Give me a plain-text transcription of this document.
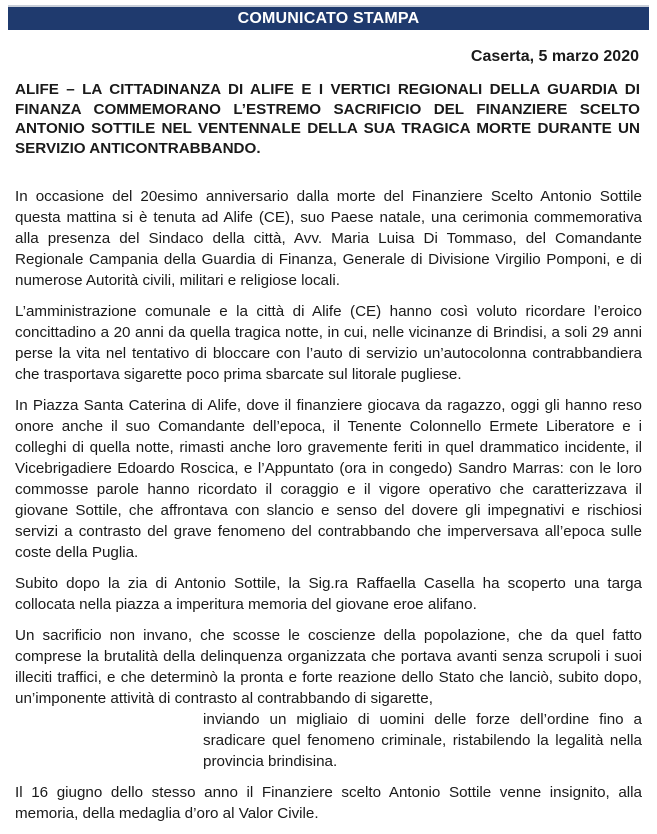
COMUNICATO STAMPA
Caserta, 5 marzo 2020

ALIFE – LA CITTADINANZA DI ALIFE E I VERTICI REGIONALI DELLA GUARDIA DI FINANZA COMMEMORANO L’ESTREMO SACRIFICIO DEL FINANZIERE SCELTO ANTONIO SOTTILE NEL VENTENNALE DELLA SUA TRAGICA MORTE DURANTE UN SERVIZIO ANTICONTRABBANDO.

In occasione del 20esimo anniversario dalla morte del Finanziere Scelto Antonio Sottile questa mattina si è tenuta ad Alife (CE), suo Paese natale, una cerimonia commemorativa alla presenza del Sindaco della città, Avv. Maria Luisa Di Tommaso, del Comandante Regionale Campania della Guardia di Finanza, Generale di Divisione Virgilio Pomponi, e di numerose Autorità civili, militari e religiose locali.

L’amministrazione comunale e la città di Alife (CE) hanno così voluto ricordare l’eroico concittadino a 20 anni da quella tragica notte, in cui, nelle vicinanze di Brindisi, a soli 29 anni perse la vita nel tentativo di bloccare con l’auto di servizio un’autocolonna contrabbandiera che trasportava sigarette poco prima sbarcate sul litorale pugliese.

In Piazza Santa Caterina di Alife, dove il finanziere giocava da ragazzo, oggi gli hanno reso onore anche il suo Comandante dell’epoca, il Tenente Colonnello Ermete Liberatore e i colleghi di quella notte, rimasti anche loro gravemente feriti in quel drammatico incidente, il Vicebrigadiere Edoardo Roscica, e l’Appuntato (ora in congedo) Sandro Marras: con le loro commosse parole hanno ricordato il coraggio e il vigore operativo che caratterizzava il giovane Sottile, che affrontava con slancio e senso del dovere gli impegnativi e rischiosi servizi a contrasto del grave fenomeno del contrabbando che imperversava all’epoca sulle coste della Puglia.

Subito dopo la zia di Antonio Sottile, la Sig.ra Raffaella Casella ha scoperto una targa collocata nella piazza a imperitura memoria del giovane eroe alifano.

Un sacrificio non invano, che scosse le coscienze della popolazione, che da quel fatto comprese la brutalità della delinquenza organizzata che portava avanti senza scrupoli i suoi illeciti traffici, e che determinò la pronta e forte reazione dello Stato che lanciò, subito dopo, un’imponente attività di contrasto al contrabbando di sigarette,

inviando un migliaio di uomini delle forze dell’ordine fino a sradicare quel fenomeno criminale, ristabilendo la legalità nella provincia brindisina.

Il 16 giugno dello stesso anno il Finanziere scelto Antonio Sottile venne insignito, alla memoria, della medaglia d’oro al Valor Civile.
